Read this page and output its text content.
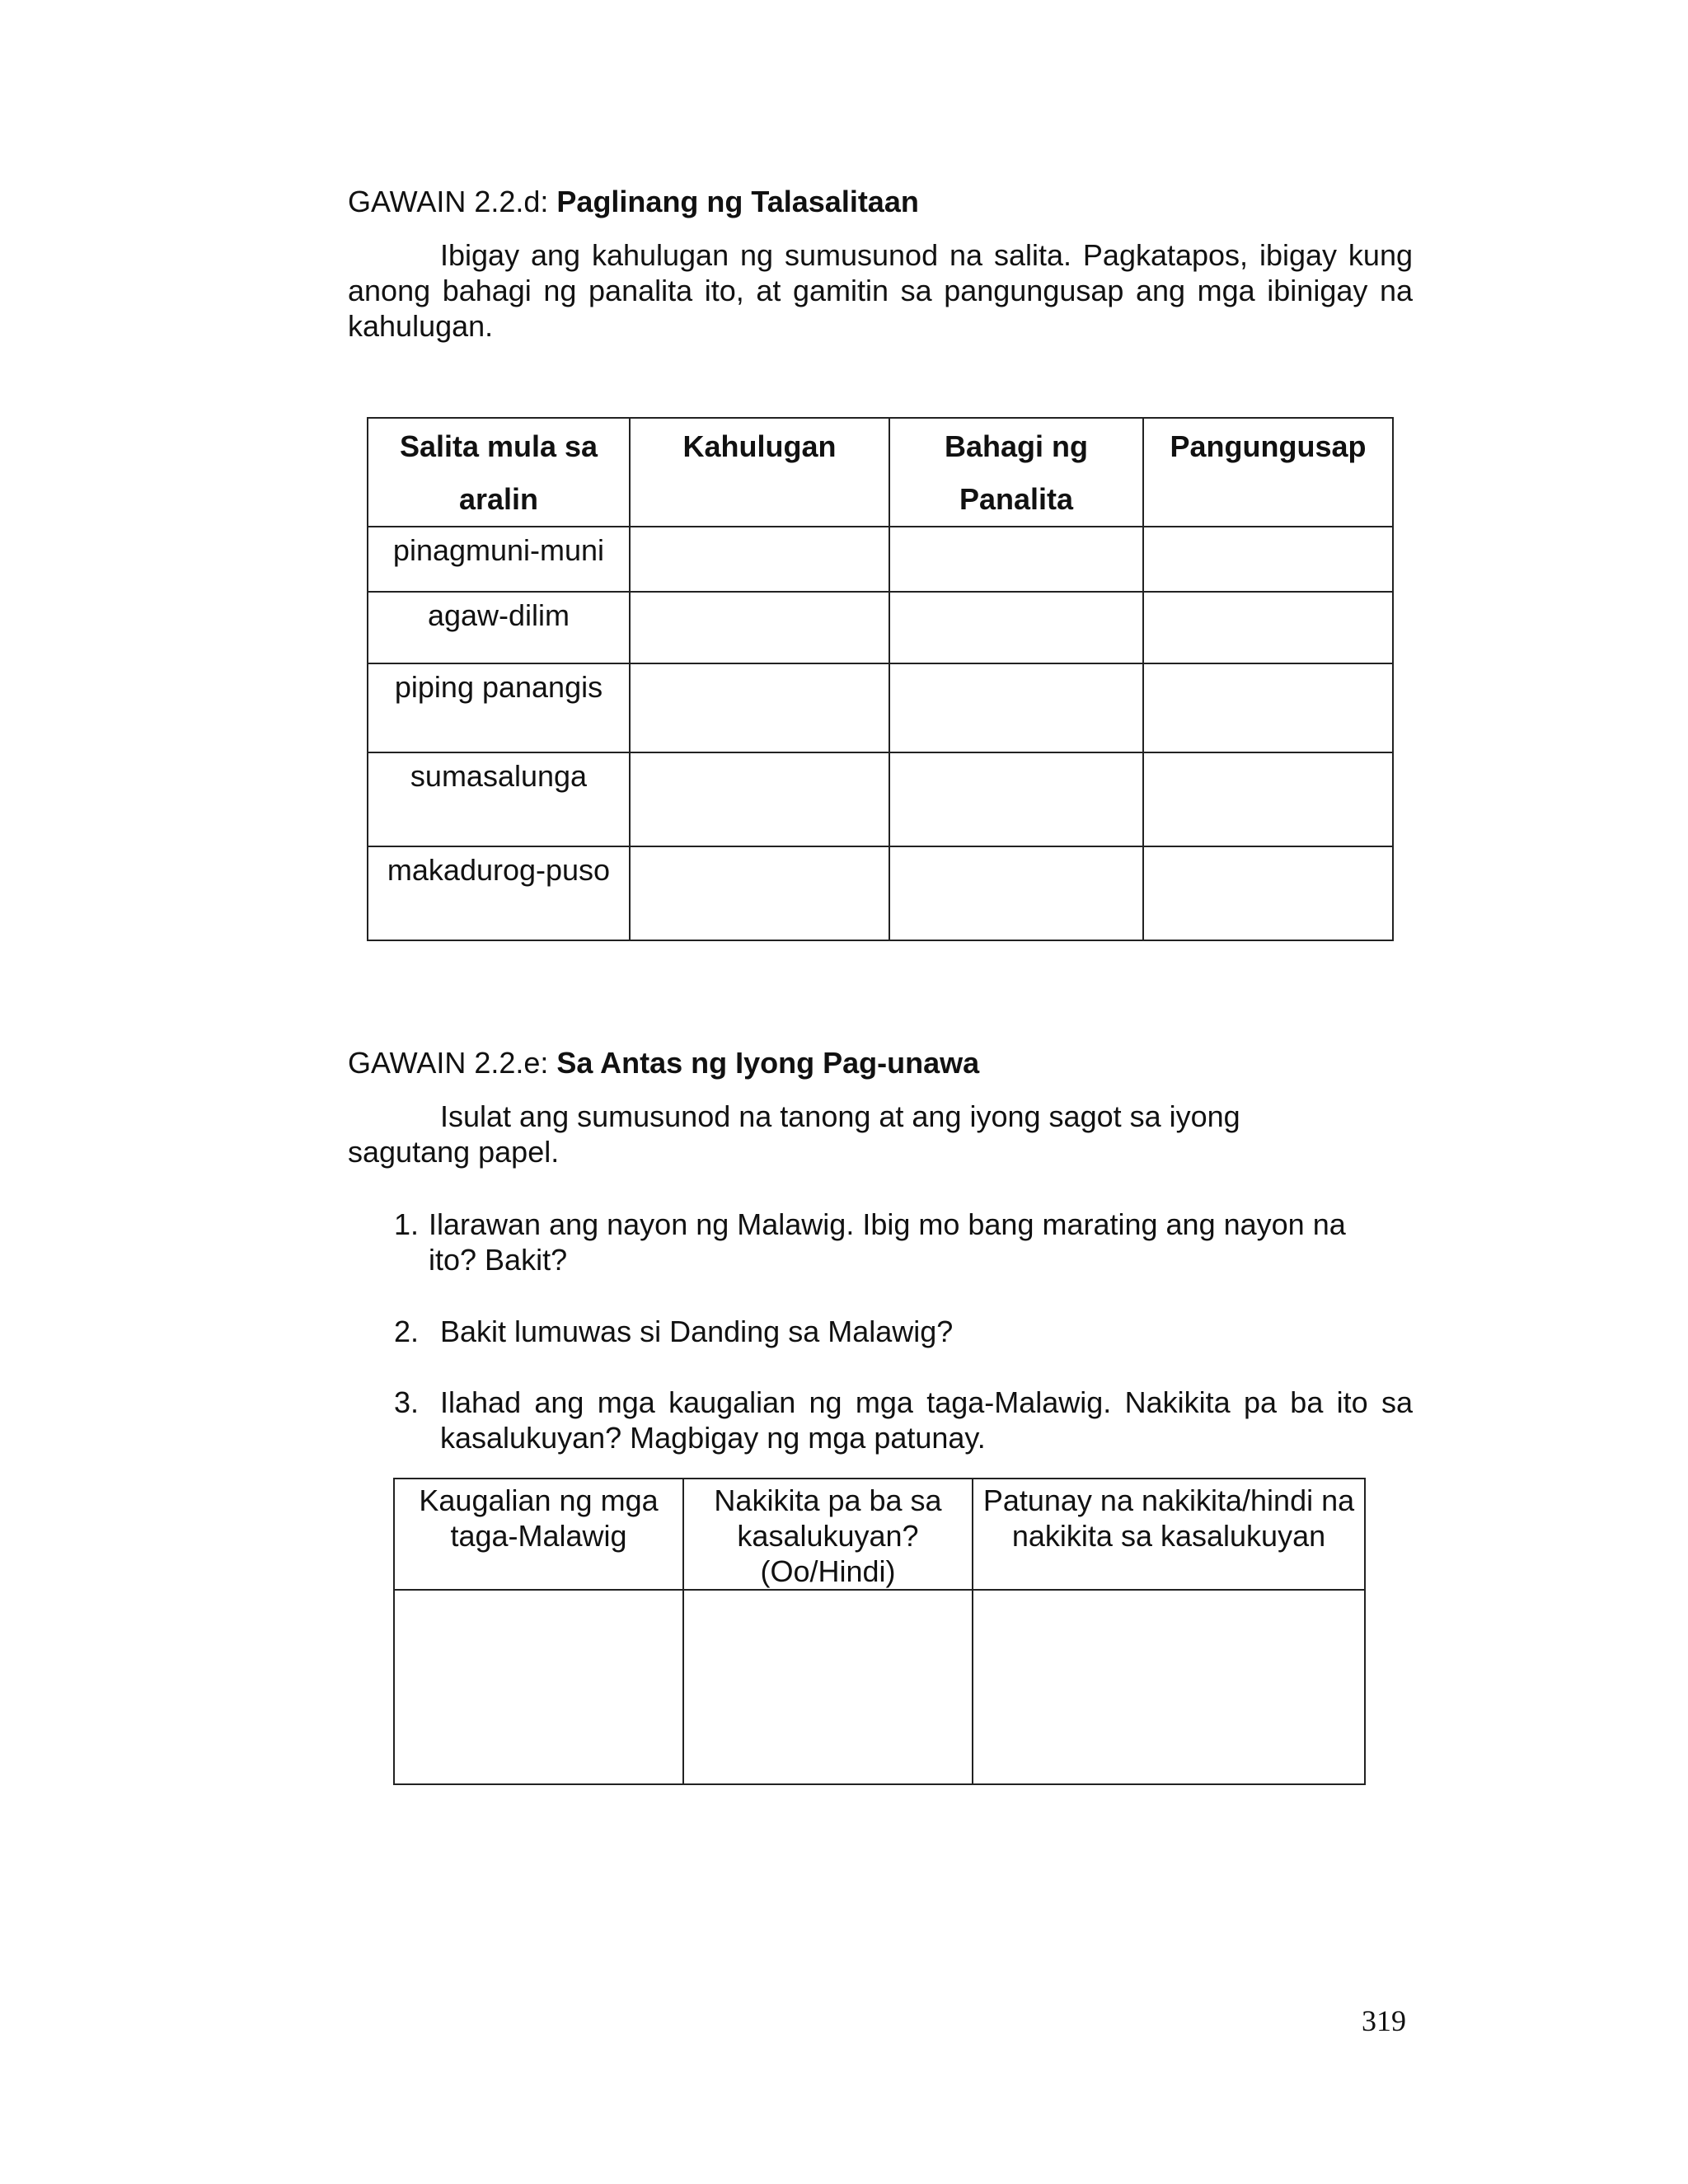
GAWAIN 2.2.d: Paglinang ng Talasalitaan
Ibigay ang kahulugan ng sumusunod na salita. Pagkatapos, ibigay kung anong bahagi ng panalita ito, at gamitin sa pangungusap ang mga ibinigay na kahulugan.
Salita mula sa aralin	Kahulugan	Bahagi ng Panalita	Pangungusap
pinagmuni-muni			
agaw-dilim			
piping panangis			
sumasalunga			
makadurog-puso			
GAWAIN 2.2.e: Sa Antas ng Iyong Pag-unawa
Isulat ang sumusunod na tanong at ang iyong sagot sa iyong sagutang papel.
1. Ilarawan ang nayon ng Malawig. Ibig mo bang marating ang nayon na ito? Bakit?
2. Bakit lumuwas si Danding sa Malawig?
3. Ilahad ang mga kaugalian ng mga taga-Malawig. Nakikita pa ba ito sa kasalukuyan? Magbigay ng mga patunay.
Kaugalian ng mga taga-Malawig	Nakikita pa ba sa kasalukuyan? (Oo/Hindi)	Patunay na nakikita/hindi na nakikita sa kasalukuyan

319
